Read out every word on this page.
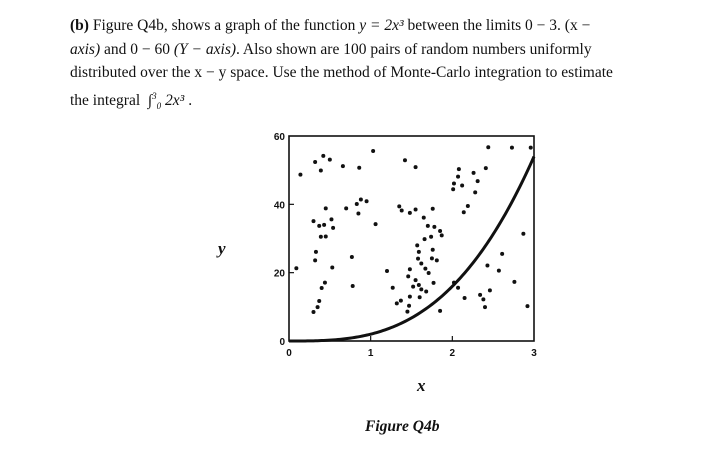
(b) Figure Q4b, shows a graph of the function y = 2x³ between the limits 0 − 3. (x −
axis) and 0 − 60 (Y − axis). Also shown are 100 pairs of random numbers uniformly
distributed over the x − y space. Use the method of Monte-Carlo integration to estimate
the integral ∫$^3_0$ 2x³ .
0	1	2	3
0
20
40
60
y
x
Figure Q4b
